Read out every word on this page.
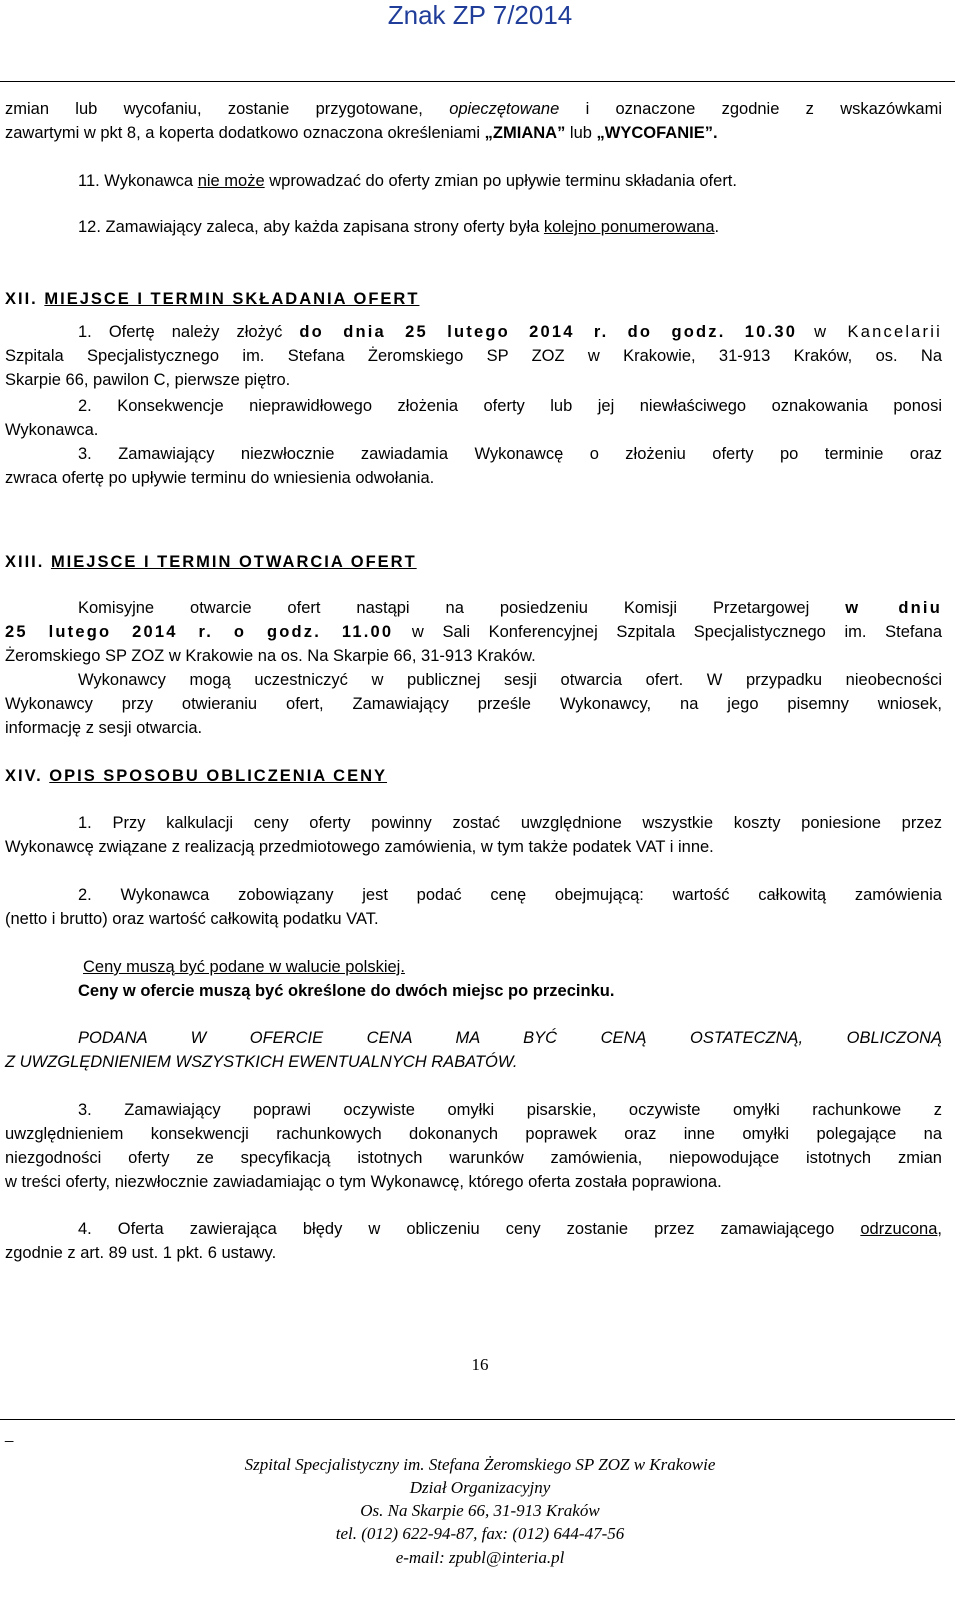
Znak ZP 7/2014
zmian lub wycofaniu, zostanie przygotowane, opieczętowane i oznaczone zgodnie z wskazówkami
zawartymi w pkt 8, a koperta dodatkowo oznaczona określeniami „ZMIANA” lub „WYCOFANIE”.
11. Wykonawca nie może wprowadzać do oferty zmian po upływie terminu składania ofert.
12. Zamawiający zaleca, aby każda zapisana strony oferty była kolejno ponumerowana.
XII. MIEJSCE I TERMIN SKŁADANIA OFERT
1. Ofertę należy złożyć do dnia 25 lutego 2014 r. do godz. 10.30 w Kancelarii
Szpitala Specjalistycznego im. Stefana Żeromskiego SP ZOZ w Krakowie, 31-913 Kraków, os. Na
Skarpie 66, pawilon C, pierwsze piętro.
2. Konsekwencje nieprawidłowego złożenia oferty lub jej niewłaściwego oznakowania ponosi
Wykonawca.
3. Zamawiający niezwłocznie zawiadamia Wykonawcę o złożeniu oferty po terminie oraz
zwraca ofertę po upływie terminu do wniesienia odwołania.
XIII. MIEJSCE I TERMIN OTWARCIA OFERT
Komisyjne otwarcie ofert nastąpi na posiedzeniu Komisji Przetargowej w dniu
25 lutego 2014 r. o godz. 11.00 w Sali Konferencyjnej Szpitala Specjalistycznego im. Stefana
Żeromskiego SP ZOZ w Krakowie na os. Na Skarpie 66, 31-913 Kraków.
Wykonawcy mogą uczestniczyć w publicznej sesji otwarcia ofert. W przypadku nieobecności
Wykonawcy przy otwieraniu ofert, Zamawiający prześle Wykonawcy, na jego pisemny wniosek,
informację z sesji otwarcia.
XIV. OPIS SPOSOBU OBLICZENIA CENY
1. Przy kalkulacji ceny oferty powinny zostać uwzględnione wszystkie koszty poniesione przez
Wykonawcę związane z realizacją przedmiotowego zamówienia, w tym także podatek VAT i inne.
2. Wykonawca zobowiązany jest podać cenę obejmującą: wartość całkowitą zamówienia
(netto i brutto) oraz wartość całkowitą podatku VAT.
Ceny muszą być podane w walucie polskiej.
Ceny w ofercie muszą być określone do dwóch miejsc po przecinku.
PODANA W OFERCIE CENA MA BYĆ CENĄ OSTATECZNĄ, OBLICZONĄ
Z UWZGLĘDNIENIEM WSZYSTKICH EWENTUALNYCH RABATÓW.
3. Zamawiający poprawi oczywiste omyłki pisarskie, oczywiste omyłki rachunkowe z
uwzględnieniem konsekwencji rachunkowych dokonanych poprawek oraz inne omyłki polegające na
niezgodności oferty ze specyfikacją istotnych warunków zamówienia, niepowodujące istotnych zmian
w treści oferty, niezwłocznie zawiadamiając o tym Wykonawcę, którego oferta została poprawiona.
4. Oferta zawierająca błędy w obliczeniu ceny zostanie przez zamawiającego odrzucona,
zgodnie z art. 89 ust. 1 pkt. 6 ustawy.
16
_
Szpital Specjalistyczny im. Stefana Żeromskiego SP ZOZ w Krakowie
Dział Organizacyjny
Os. Na Skarpie 66, 31-913 Kraków
tel. (012) 622-94-87, fax: (012) 644-47-56
e-mail: zpubl@interia.pl
